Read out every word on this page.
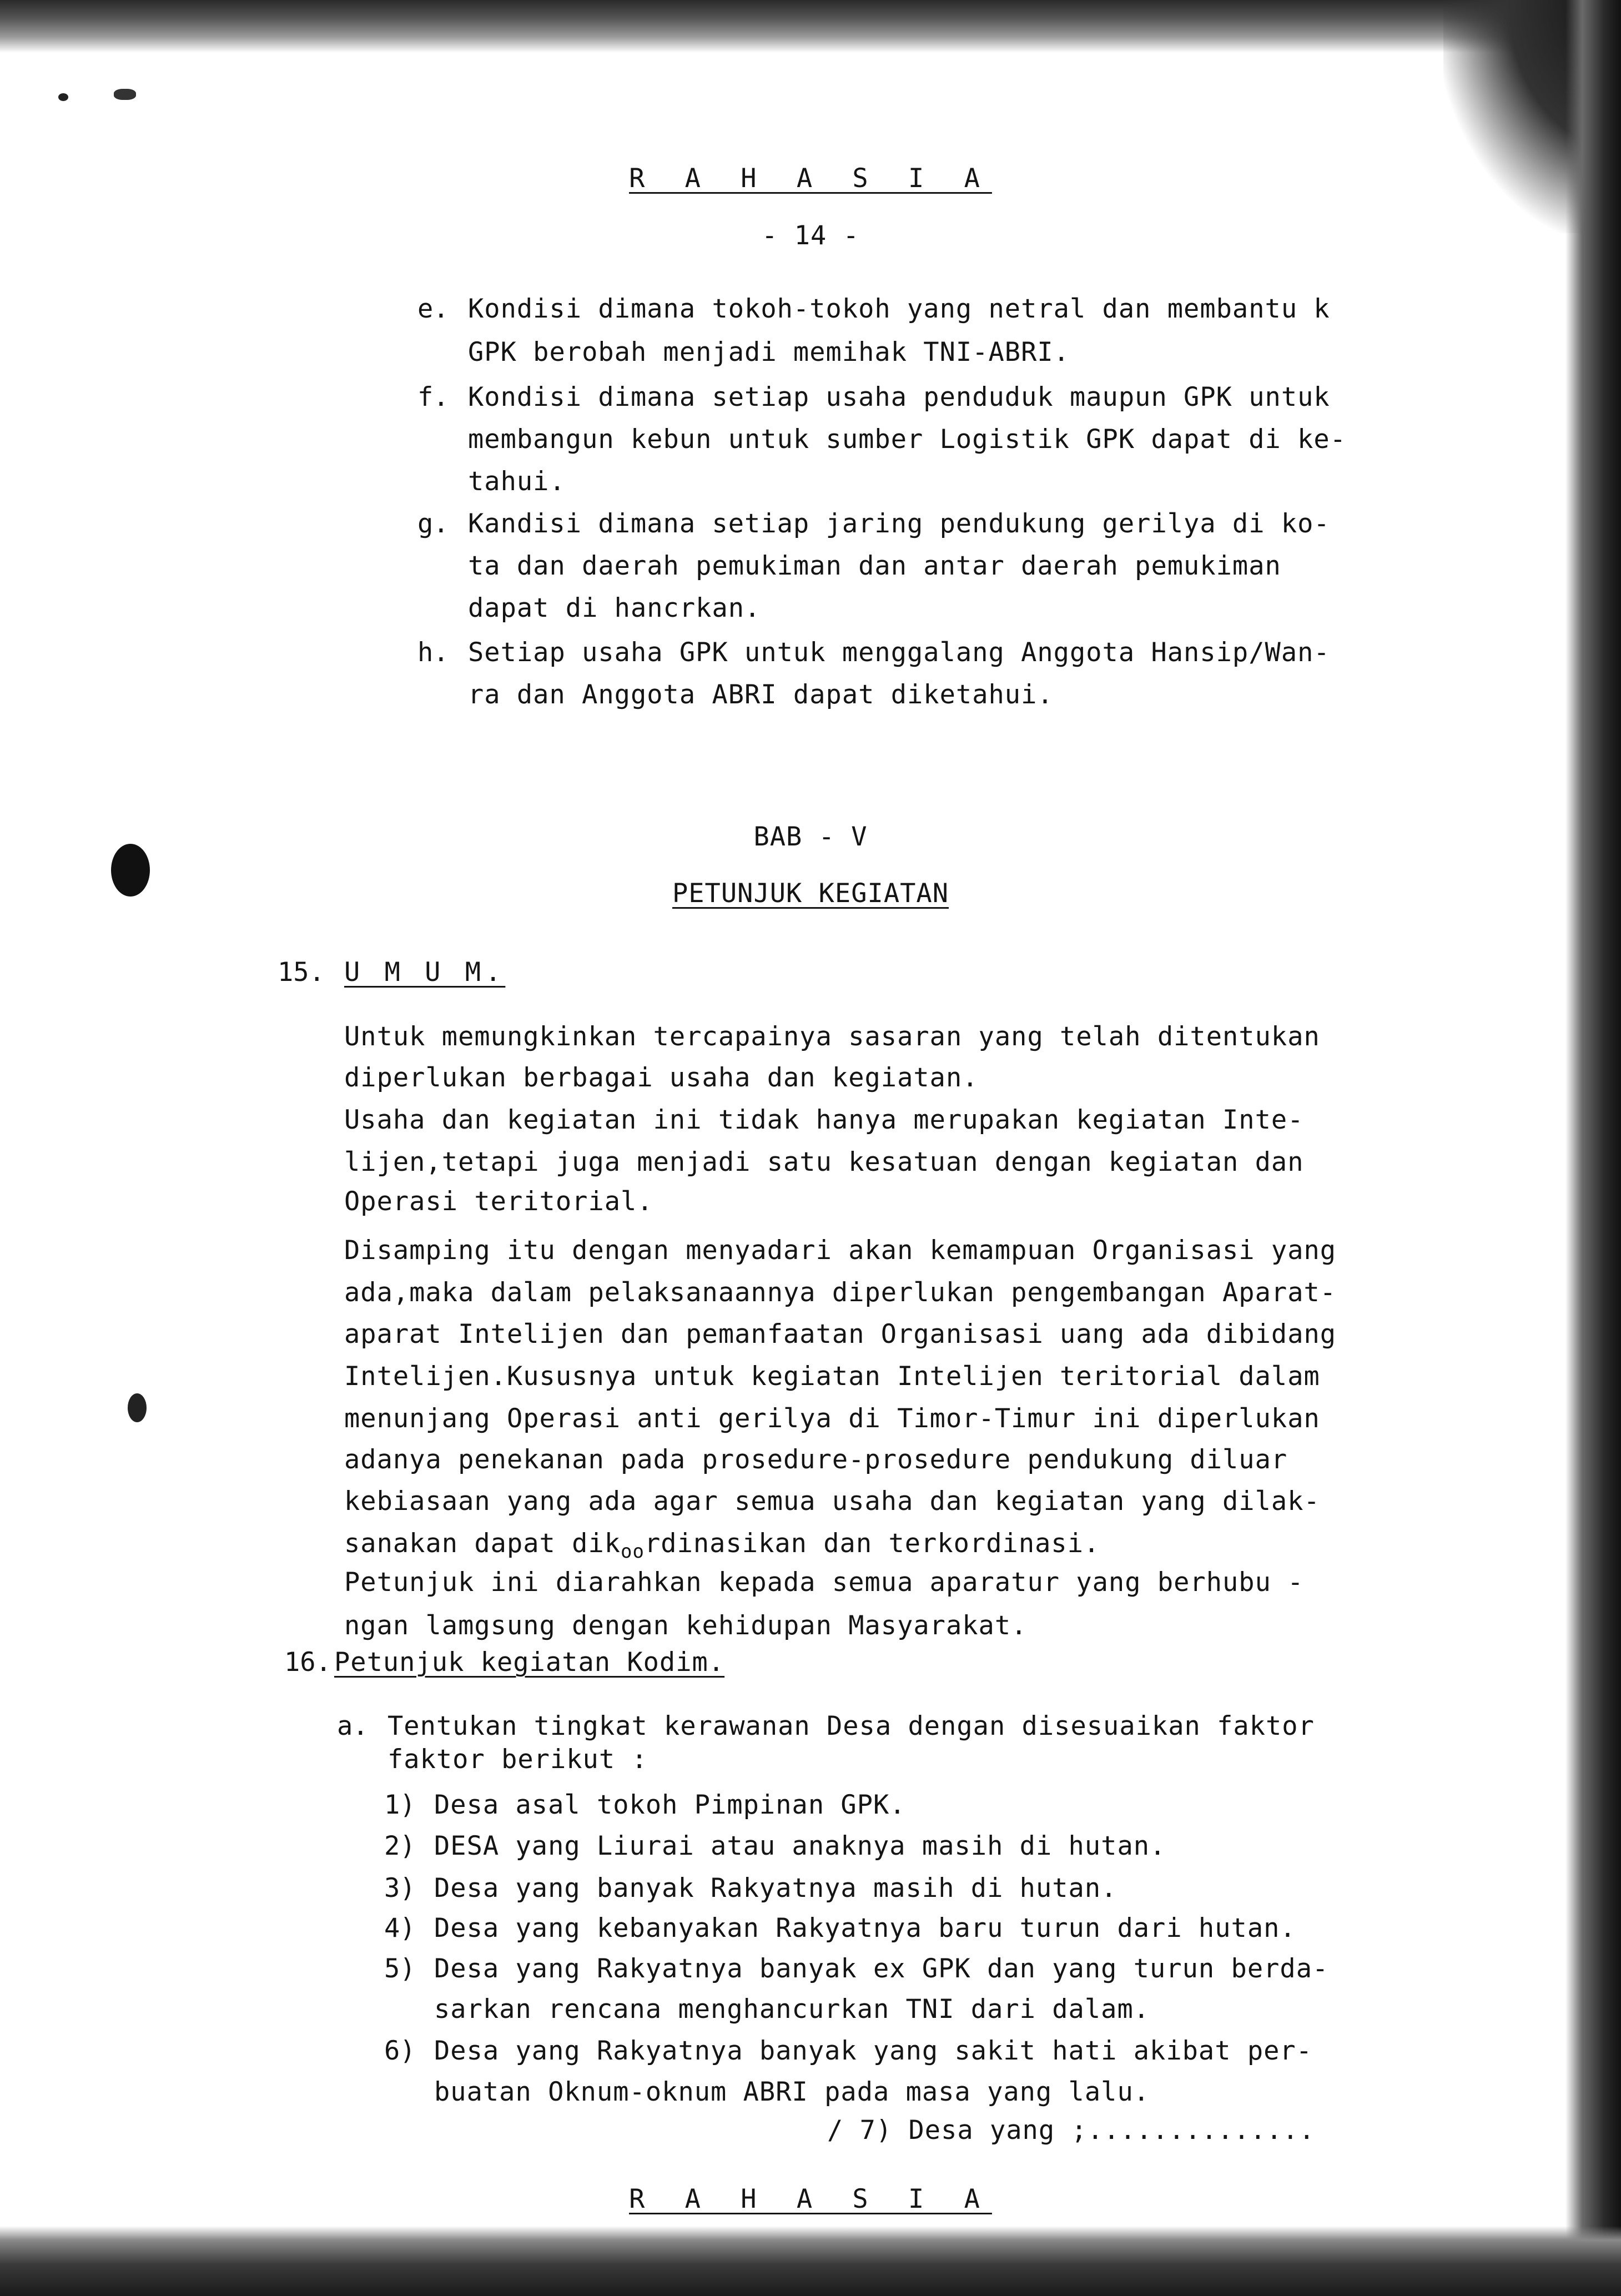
R A H A S I A
- 14 -
e. Kondisi dimana tokoh-tokoh yang netral dan membantu k
GPK berobah menjadi memihak TNI-ABRI.
f. Kondisi dimana setiap usaha penduduk maupun GPK untuk
membangun kebun untuk sumber Logistik GPK dapat di ke-
tahui.
g. Kandisi dimana setiap jaring pendukung gerilya di ko-
ta dan daerah pemukiman dan antar daerah pemukiman
dapat di hancrkan.
h. Setiap usaha GPK untuk menggalang Anggota Hansip/Wan-
ra dan Anggota ABRI dapat diketahui.
BAB - V
PETUNJUK KEGIATAN
15. U M U M.
Untuk memungkinkan tercapainya sasaran yang telah ditentukan
diperlukan berbagai usaha dan kegiatan.
Usaha dan kegiatan ini tidak hanya merupakan kegiatan Inte-
lijen,tetapi juga menjadi satu kesatuan dengan kegiatan dan
Operasi teritorial.
Disamping itu dengan menyadari akan kemampuan Organisasi yang
ada,maka dalam pelaksanaannya diperlukan pengembangan Aparat-
aparat Intelijen dan pemanfaatan Organisasi uang ada dibidang
Intelijen.Kususnya untuk kegiatan Intelijen teritorial dalam
menunjang Operasi anti gerilya di Timor-Timur ini diperlukan
adanya penekanan pada prosedure-prosedure pendukung diluar
kebiasaan yang ada agar semua usaha dan kegiatan yang dilak-
sanakan dapat dik$_{oo}$rdinasikan dan terkordinasi.
Petunjuk ini diarahkan kepada semua aparatur yang berhubu -
ngan lamgsung dengan kehidupan Masyarakat.
16. Petunjuk kegiatan Kodim.
a. Tentukan tingkat kerawanan Desa dengan disesuaikan faktor
faktor berikut :
1) Desa asal tokoh Pimpinan GPK.
2) DESA yang Liurai atau anaknya masih di hutan.
3) Desa yang banyak Rakyatnya masih di hutan.
4) Desa yang kebanyakan Rakyatnya baru turun dari hutan.
5) Desa yang Rakyatnya banyak ex GPK dan yang turun berda-
sarkan rencana menghancurkan TNI dari dalam.
6) Desa yang Rakyatnya banyak yang sakit hati akibat per-
buatan Oknum-oknum ABRI pada masa yang lalu.
/ 7) Desa yang ;..............
R A H A S I A
